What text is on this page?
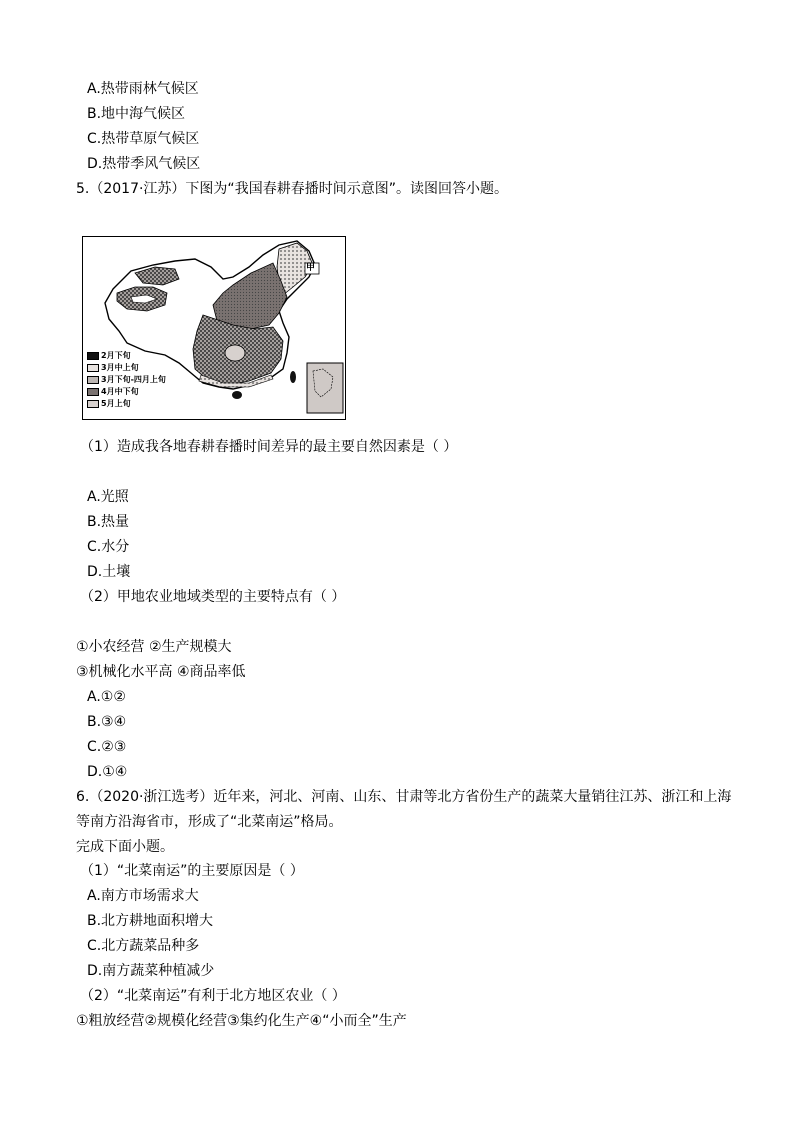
A.热带雨林气候区
B.地中海气候区
C.热带草原气候区
D.热带季风气候区
5.（2017·江苏）下图为“我国春耕春播时间示意图”。读图回答小题。
甲
2月下旬
3月中上旬
3月下旬-四月上旬
4月中下旬
5月上旬
（1）造成我各地春耕春播时间差异的最主要自然因素是（ ）
A.光照
B.热量
C.水分
D.土壤
（2）甲地农业地域类型的主要特点有（ ）
①小农经营 ②生产规模大
③机械化水平高 ④商品率低
A.①②
B.③④
C.②③
D.①④
6.（2020·浙江选考）近年来，河北、河南、山东、甘肃等北方省份生产的蔬菜大量销往江苏、浙江和上海
等南方沿海省市，形成了“北菜南运”格局。
完成下面小题。
（1）“北菜南运”的主要原因是（ ）
A.南方市场需求大
B.北方耕地面积增大
C.北方蔬菜品种多
D.南方蔬菜种植减少
（2）“北菜南运”有利于北方地区农业（ ）
①粗放经营②规模化经营③集约化生产④“小而全”生产
